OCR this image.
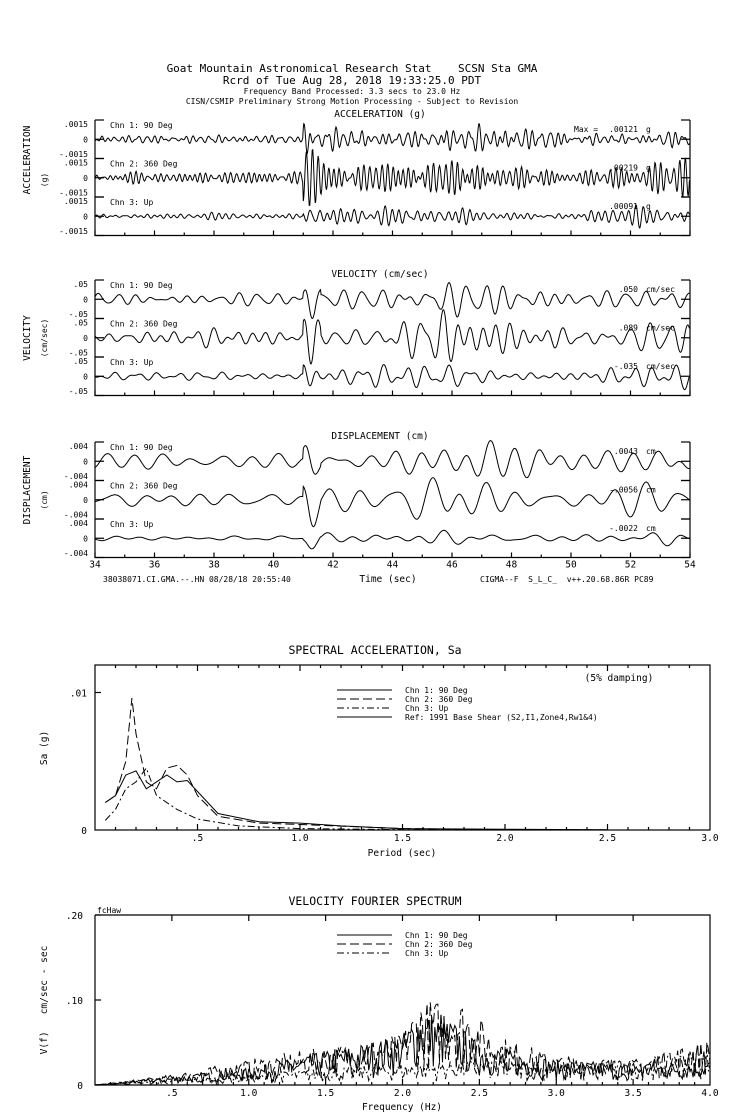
Goat Mountain Astronomical Research Stat    SCSN Sta GMA
Rcrd of Tue Aug 28, 2018 19:33:25.0 PDT
Frequency Band Processed: 3.3 secs to 23.0 Hz
CISN/CSMIP Preliminary Strong Motion Processing - Subject to Revision
ACCELERATION (g)
VELOCITY (cm/sec)
DISPLACEMENT (cm)
ACCELERATION (g)
VELOCITY (cm/sec)
DISPLACEMENT (cm)
Max =
.0015
0
-.0015
Chn 1: 90 Deg	.00121 g
.0015
0
-.0015
Chn 2: 360 Deg	.00219 g
.0015
0
-.0015
Chn 3: Up	.00091 g
.05
0
-.05
Chn 1: 90 Deg	.050 cm/sec
.05
0
-.05
Chn 2: 360 Deg	.089 cm/sec
.05
0
-.05
Chn 3: Up	-.035 cm/sec
.004
0
-.004
Chn 1: 90 Deg	.0043 cm
.004
0
-.004
Chn 2: 360 Deg	-.0056 cm
.004
0
-.004
Chn 3: Up	-.0022 cm
34	36	38	40	42	44	46	48	50	52	54
Time (sec)
38038071.CI.GMA.--.HN 08/28/18 20:55:40	CIGMA--F  S_L_C_  v++.20.68.86R PC89
SPECTRAL ACCELERATION, Sa
(5% damping)
Sa (g)
Period (sec)
.5	1.0	1.5	2.0	2.5	3.0
.01
0
Chn 1: 90 Deg
Chn 2: 360 Deg
Chn 3: Up
Ref: 1991 Base Shear (S2,I1,Zone4,Rw1&4)
VELOCITY FOURIER SPECTRUM
fcHaw
V(f)   cm/sec - sec
Frequency (Hz)
.5	1.0	1.5	2.0	2.5	3.0	3.5	4.0
.20
.10
0
Chn 1: 90 Deg
Chn 2: 360 Deg
Chn 3: Up
